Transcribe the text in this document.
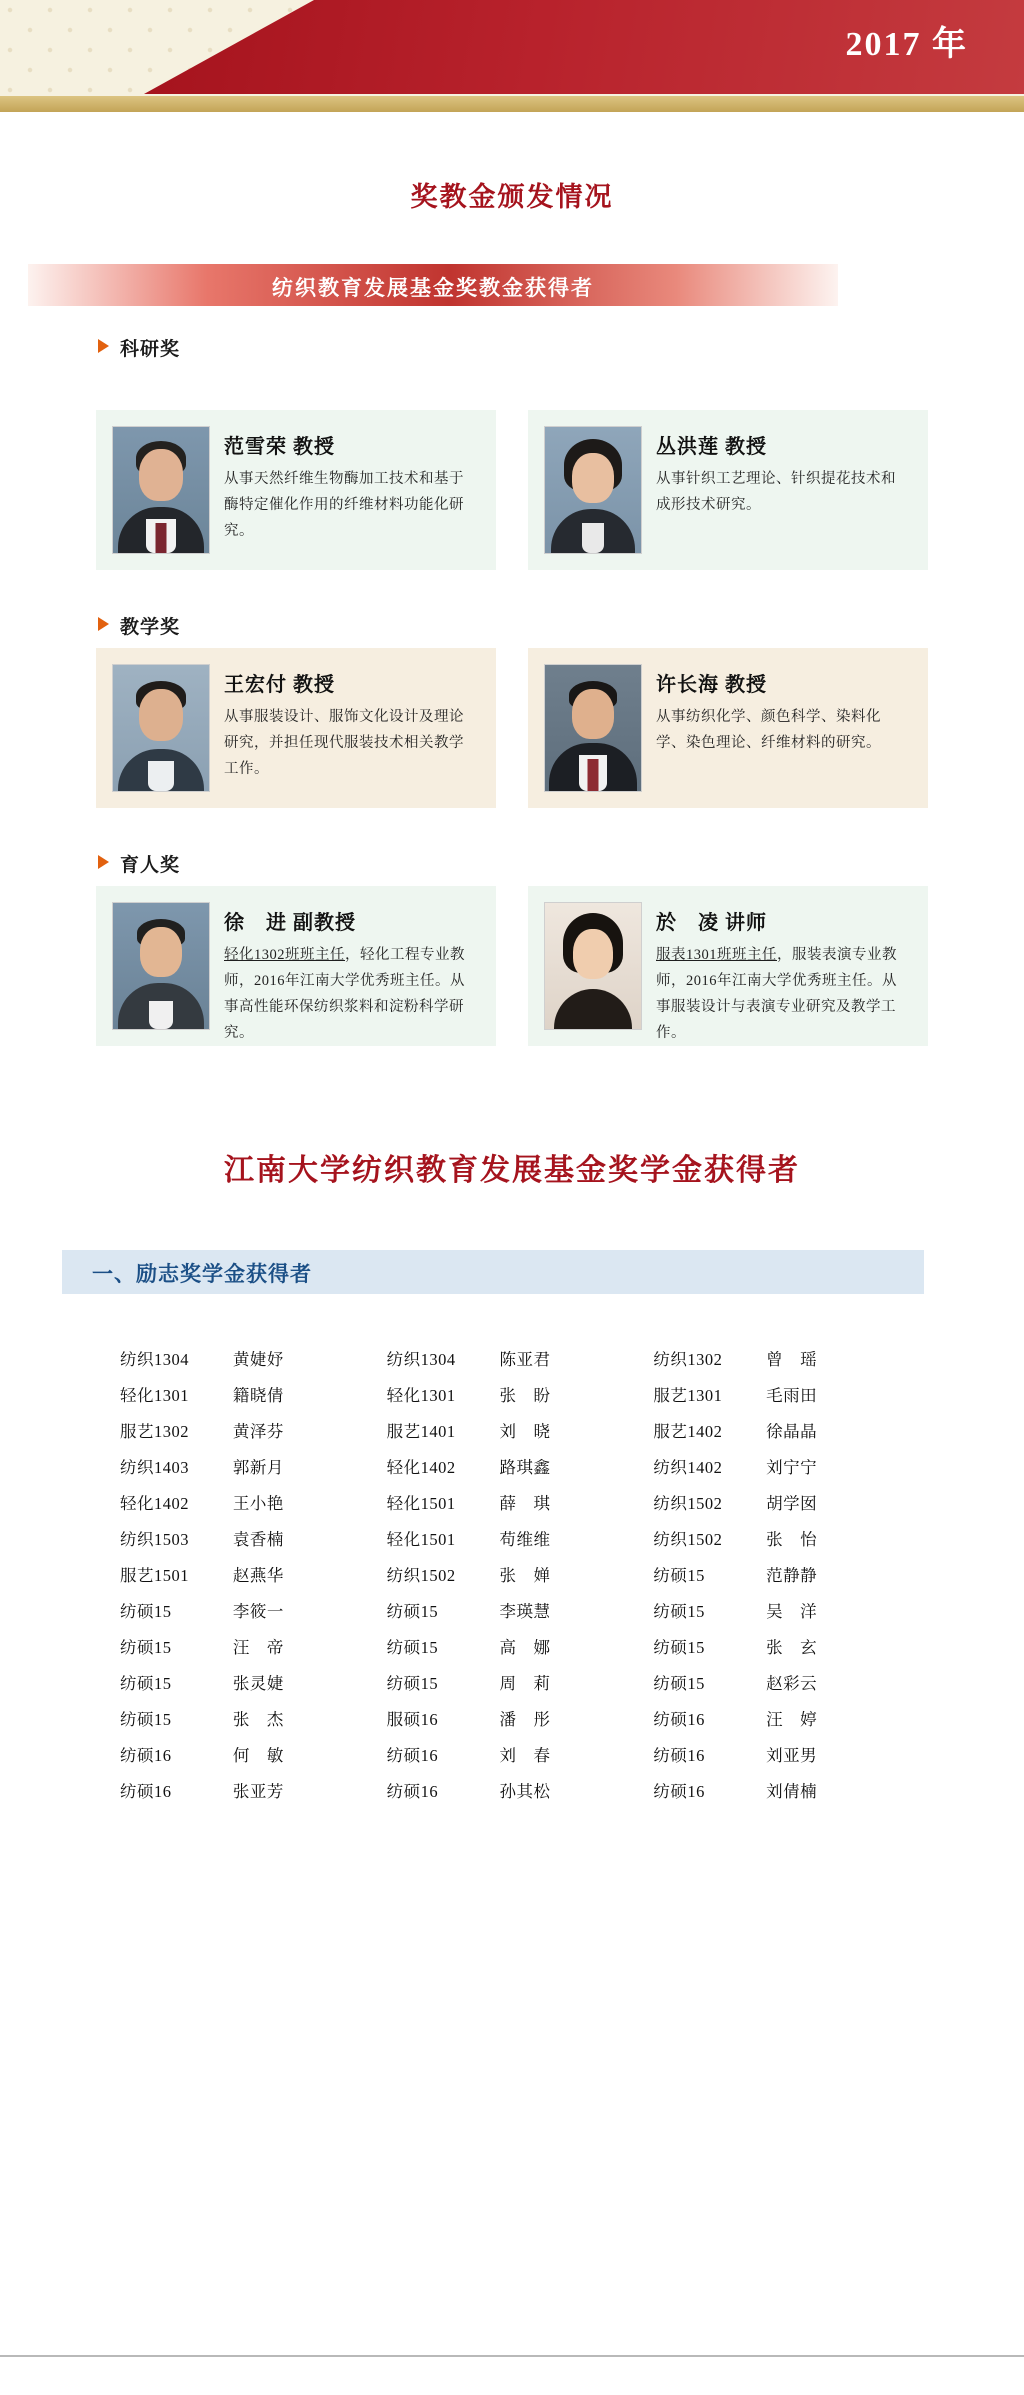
2017 年
奖教金颁发情况
纺织教育发展基金奖教金获得者
科研奖
范雪荣 教授
从事天然纤维生物酶加工技术和基于酶特定催化作用的纤维材料功能化研究。
丛洪莲 教授
从事针织工艺理论、针织提花技术和成形技术研究。
教学奖
王宏付 教授
从事服装设计、服饰文化设计及理论研究，并担任现代服装技术相关教学工作。
许长海 教授
从事纺织化学、颜色科学、染料化学、染色理论、纤维材料的研究。
育人奖
徐　进 副教授
轻化1302班班主任，轻化工程专业教师，2016年江南大学优秀班主任。从事高性能环保纺织浆料和淀粉科学研究。
於　凌 讲师
服表1301班班主任，服装表演专业教师，2016年江南大学优秀班主任。从事服装设计与表演专业研究及教学工作。
江南大学纺织教育发展基金奖学金获得者
一、励志奖学金获得者
纺织1304	黄婕妤	纺织1304	陈亚君	纺织1302	曾　瑶
轻化1301	籍晓倩	轻化1301	张　盼	服艺1301	毛雨田
服艺1302	黄泽芬	服艺1401	刘　晓	服艺1402	徐晶晶
纺织1403	郭新月	轻化1402	路琪鑫	纺织1402	刘宁宁
轻化1402	王小艳	轻化1501	薛　琪	纺织1502	胡学囡
纺织1503	袁香楠	轻化1501	苟维维	纺织1502	张　怡
服艺1501	赵燕华	纺织1502	张　婵	纺硕15	范静静
纺硕15	李筱一	纺硕15	李瑛慧	纺硕15	吴　洋
纺硕15	汪　帝	纺硕15	高　娜	纺硕15	张　玄
纺硕15	张灵婕	纺硕15	周　莉	纺硕15	赵彩云
纺硕15	张　杰	服硕16	潘　彤	纺硕16	汪　婷
纺硕16	何　敏	纺硕16	刘　春	纺硕16	刘亚男
纺硕16	张亚芳	纺硕16	孙其松	纺硕16	刘倩楠
